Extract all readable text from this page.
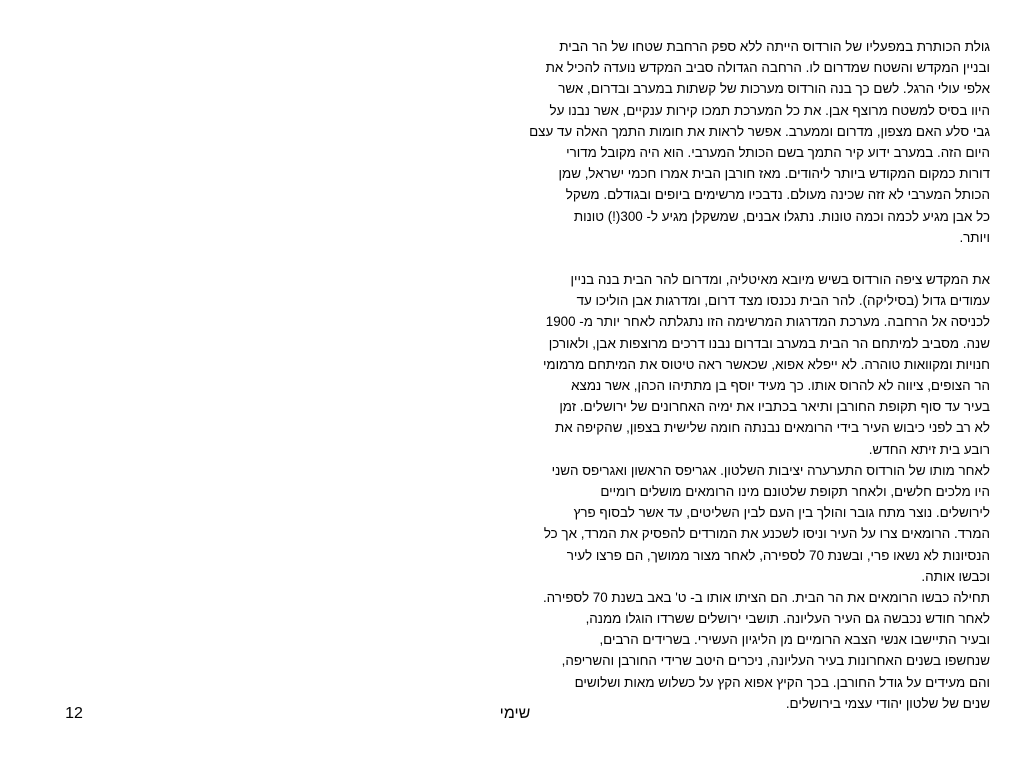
גולת הכותרת במפעליו של הורדוס הייתה ללא ספק הרחבת שטחו של הר הבית
ובניין המקדש והשטח שמדרום לו. הרחבה הגדולה סביב המקדש נועדה להכיל את
אלפי עולי הרגל. לשם כך בנה הורדוס מערכות של קשתות במערב ובדרום, אשר
היוו בסיס למשטח מרוצף אבן. את כל המערכת תמכו קירות ענקיים, אשר נבנו על
גבי סלע האם מצפון, מדרום וממערב. אפשר לראות את חומות התמך האלה עד עצם
היום הזה. במערב ידוע קיר התמך בשם הכותל המערבי. הוא היה מקובל מדורי
דורות כמקום המקודש ביותר ליהודים. מאז חורבן הבית אמרו חכמי ישראל, שמן
הכותל המערבי לא זזה שכינה מעולם. נדבכיו מרשימים ביופים ובגודלם. משקל
כל אבן מגיע לכמה וכמה טונות. נתגלו אבנים, שמשקלן מגיע ל- 300(!) טונות
ויותר.
את המקדש ציפה הורדוס בשיש מיובא מאיטליה, ומדרום להר הבית בנה בניין
עמודים גדול (בסיליקה). להר הבית נכנסו מצד דרום, ומדרגות אבן הוליכו עד
לכניסה אל הרחבה. מערכת המדרגות המרשימה הזו נתגלתה לאחר יותר מ- 1900
שנה. מסביב למיתחם הר הבית במערב ובדרום נבנו דרכים מרוצפות אבן, ולאורכן
חנויות ומקוואות טוהרה. לא ייפלא אפוא, שכאשר ראה טיטוס את המיתחם מרמומי
הר הצופים, ציווה לא להרוס אותו. כך מעיד יוסף בן מתתיהו הכהן, אשר נמצא
בעיר עד סוף תקופת החורבן ותיאר בכתביו את ימיה האחרונים של ירושלים. זמן
לא רב לפני כיבוש העיר בידי הרומאים נבנתה חומה שלישית בצפון, שהקיפה את
רובע בית זיתא החדש.
לאחר מותו של הורדוס התערערה יציבות השלטון. אגריפס הראשון ואגריפס השני
היו מלכים חלשים, ולאחר תקופת שלטונם מינו הרומאים מושלים רומיים
לירושלים. נוצר מתח גובר והולך בין העם לבין השליטים, עד אשר לבסוף פרץ
המרד. הרומאים צרו על העיר וניסו לשכנע את המורדים להפסיק את המרד, אך כל
הנסיונות לא נשאו פרי, ובשנת 70 לספירה, לאחר מצור ממושך, הם פרצו לעיר
וכבשו אותה.
תחילה כבשו הרומאים את הר הבית. הם הציתו אותו ב- ט' באב בשנת 70 לספירה.
לאחר חודש נכבשה גם העיר העליונה. תושבי ירושלים ששרדו הוגלו ממנה,
ובעיר התיישבו אנשי הצבא הרומיים מן הליגיון העשירי. בשרידים הרבים,
שנחשפו בשנים האחרונות בעיר העליונה, ניכרים היטב שרידי החורבן והשריפה,
והם מעידים על גודל החורבן. בכך הקיץ אפוא הקץ על כשלוש מאות ושלושים
שנים של שלטון יהודי עצמי בירושלים.
שימי
12
